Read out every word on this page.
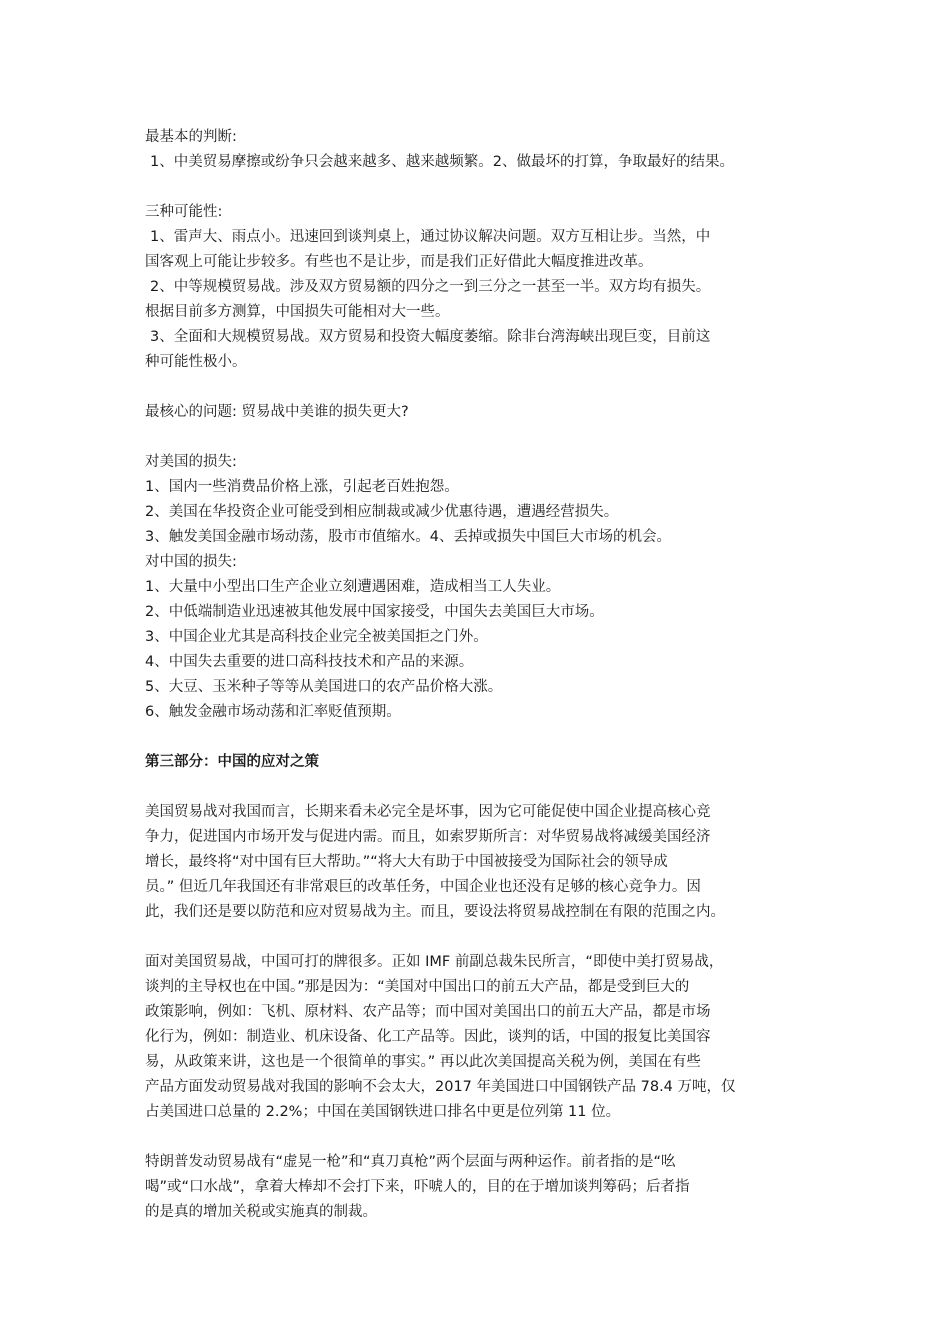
最基本的判断:
1、中美贸易摩擦或纷争只会越来越多、越来越频繁。2、做最坏的打算，争取最好的结果。
三种可能性:
1、雷声大、雨点小。迅速回到谈判桌上，通过协议解决问题。双方互相让步。当然，中
国客观上可能让步较多。有些也不是让步，而是我们正好借此大幅度推进改革。
2、中等规模贸易战。涉及双方贸易额的四分之一到三分之一甚至一半。双方均有损失。
根据目前多方测算，中国损失可能相对大一些。
3、全面和大规模贸易战。双方贸易和投资大幅度萎缩。除非台湾海峡出现巨变，目前这
种可能性极小。
最核心的问题: 贸易战中美谁的损失更大?
对美国的损失:
1、国内一些消费品价格上涨，引起老百姓抱怨。
2、美国在华投资企业可能受到相应制裁或减少优惠待遇，遭遇经营损失。
3、触发美国金融市场动荡，股市市值缩水。4、丢掉或损失中国巨大市场的机会。
对中国的损失:
1、大量中小型出口生产企业立刻遭遇困难，造成相当工人失业。
2、中低端制造业迅速被其他发展中国家接受，中国失去美国巨大市场。
3、中国企业尤其是高科技企业完全被美国拒之门外。
4、中国失去重要的进口高科技技术和产品的来源。
5、大豆、玉米种子等等从美国进口的农产品价格大涨。
6、触发金融市场动荡和汇率贬值预期。
第三部分：中国的应对之策
美国贸易战对我国而言，长期来看未必完全是坏事，因为它可能促使中国企业提高核心竞
争力，促进国内市场开发与促进内需。而且，如索罗斯所言：对华贸易战将减缓美国经济
增长，最终将“对中国有巨大帮助。”“将大大有助于中国被接受为国际社会的领导成
员。” 但近几年我国还有非常艰巨的改革任务，中国企业也还没有足够的核心竞争力。因
此，我们还是要以防范和应对贸易战为主。而且，要设法将贸易战控制在有限的范围之内。
面对美国贸易战，中国可打的牌很多。正如 IMF 前副总裁朱民所言，“即使中美打贸易战，
谈判的主导权也在中国。”那是因为：“美国对中国出口的前五大产品，都是受到巨大的
政策影响，例如：飞机、原材料、农产品等；而中国对美国出口的前五大产品，都是市场
化行为，例如：制造业、机床设备、化工产品等。因此，谈判的话，中国的报复比美国容
易，从政策来讲，这也是一个很简单的事实。” 再以此次美国提高关税为例，美国在有些
产品方面发动贸易战对我国的影响不会太大，2017 年美国进口中国钢铁产品 78.4 万吨，仅
占美国进口总量的 2.2%；中国在美国钢铁进口排名中更是位列第 11 位。
特朗普发动贸易战有“虚晃一枪”和“真刀真枪”两个层面与两种运作。前者指的是“吆
喝”或“口水战”，拿着大棒却不会打下来，吓唬人的，目的在于增加谈判筹码；后者指
的是真的增加关税或实施真的制裁。
